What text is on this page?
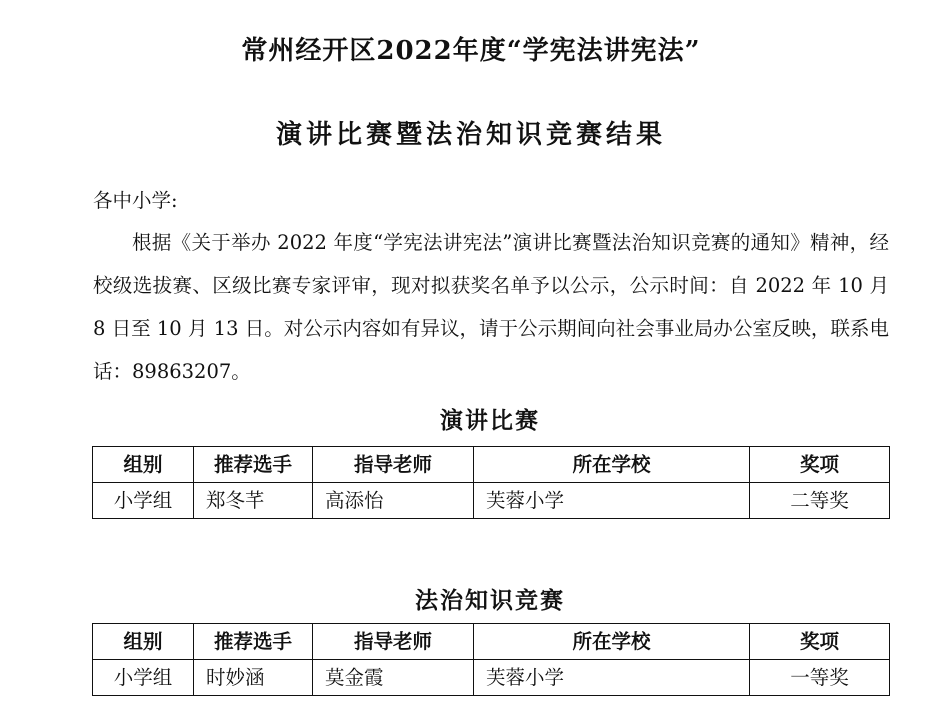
常州经开区2022年度“学宪法讲宪法”
演讲比赛暨法治知识竞赛结果

各中小学:

根据《关于举办 2022 年度“学宪法讲宪法”演讲比赛暨法治知识竞赛的通知》精神，经校级选拔赛、区级比赛专家评审，现对拟获奖名单予以公示，公示时间：自 2022 年 10 月 8 日至 10 月 13 日。对公示内容如有异议，请于公示期间向社会事业局办公室反映，联系电话：89863207。

演讲比赛
组别	推荐选手	指导老师	所在学校	奖项
小学组	郑冬芊	高添怡	芙蓉小学	二等奖
法治知识竞赛
组别	推荐选手	指导老师	所在学校	奖项
小学组	时妙涵	莫金霞	芙蓉小学	一等奖
